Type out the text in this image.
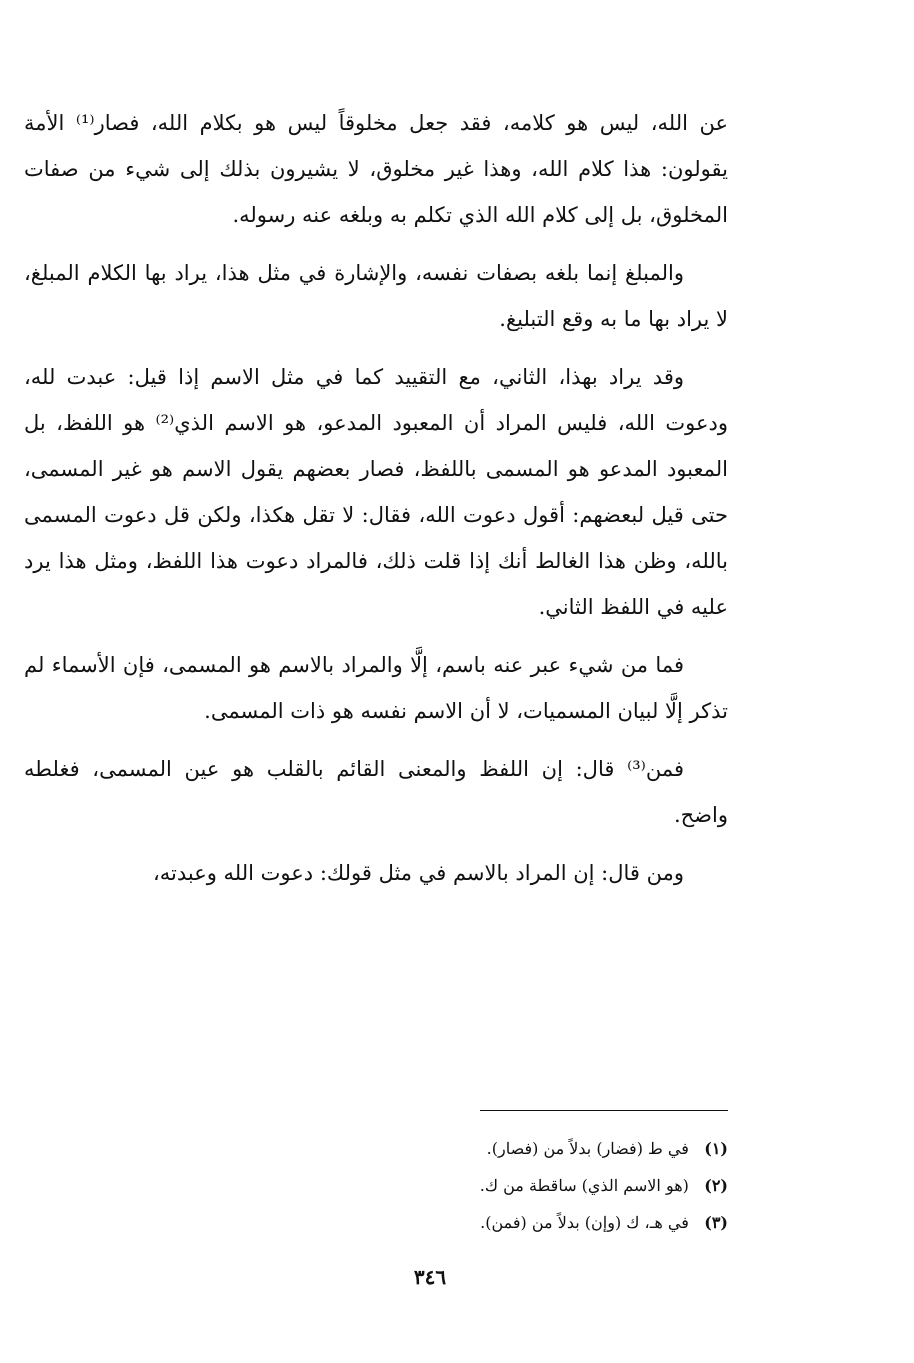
عن الله، ليس هو كلامه، فقد جعل مخلوقاً ليس هو بكلام الله، فصار⁽¹⁾ الأمة يقولون: هذا كلام الله، وهذا غير مخلوق، لا يشيرون بذلك إلى شيء من صفات المخلوق، بل إلى كلام الله الذي تكلم به وبلغه عنه رسوله.

والمبلغ إنما بلغه بصفات نفسه، والإشارة في مثل هذا، يراد بها الكلام المبلغ، لا يراد بها ما به وقع التبليغ.

وقد يراد بهذا، الثاني، مع التقييد كما في مثل الاسم إذا قيل: عبدت لله، ودعوت الله، فليس المراد أن المعبود المدعو، هو الاسم الذي⁽²⁾ هو اللفظ، بل المعبود المدعو هو المسمى باللفظ، فصار بعضهم يقول الاسم هو غير المسمى، حتى قيل لبعضهم: أقول دعوت الله، فقال: لا تقل هكذا، ولكن قل دعوت المسمى بالله، وظن هذا الغالط أنك إذا قلت ذلك، فالمراد دعوت هذا اللفظ، ومثل هذا يرد عليه في اللفظ الثاني.

فما من شيء عبر عنه باسم، إلَّا والمراد بالاسم هو المسمى، فإن الأسماء لم تذكر إلَّا لبيان المسميات، لا أن الاسم نفسه هو ذات المسمى.

فمن⁽³⁾ قال: إن اللفظ والمعنى القائم بالقلب هو عين المسمى، فغلطه واضح.

ومن قال: إن المراد بالاسم في مثل قولك: دعوت الله وعبدته،

(١) في ط (فضار) بدلاً من (فصار).

(٢) (هو الاسم الذي) ساقطة من ك.

(٣) في هـ، ك (وإن) بدلاً من (فمن).

٣٤٦
